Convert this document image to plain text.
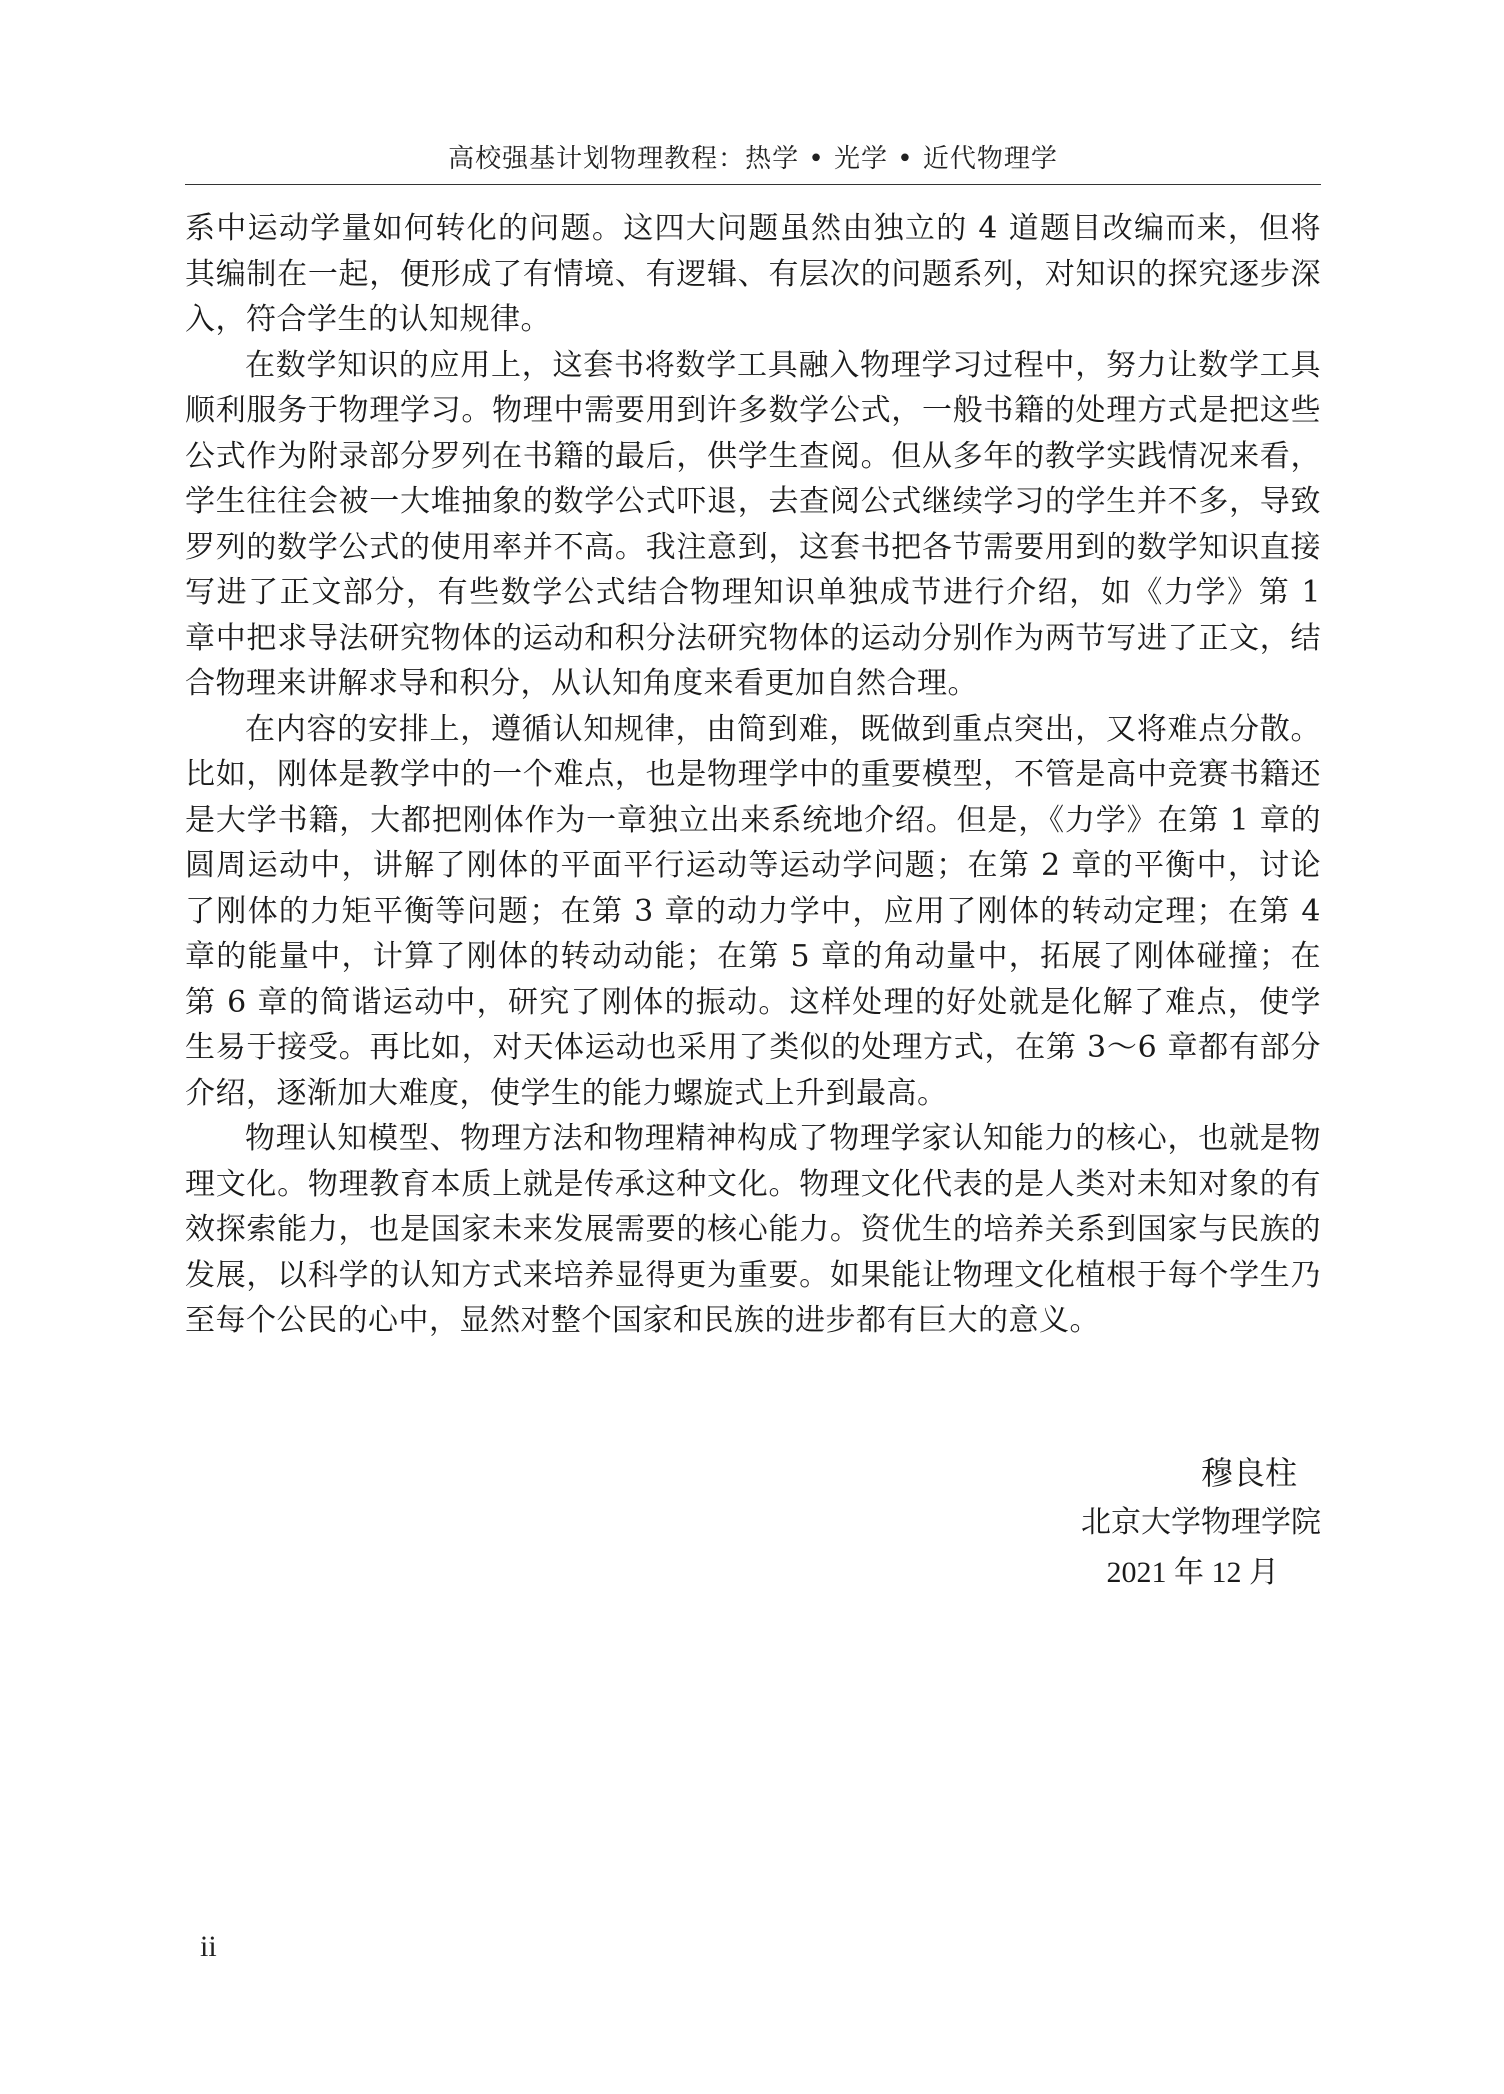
高校强基计划物理教程：热学 • 光学 • 近代物理学

系中运动学量如何转化的问题。这四大问题虽然由独立的 4 道题目改编而来，但将其编制在一起，便形成了有情境、有逻辑、有层次的问题系列，对知识的探究逐步深入，符合学生的认知规律。

在数学知识的应用上，这套书将数学工具融入物理学习过程中，努力让数学工具顺利服务于物理学习。物理中需要用到许多数学公式，一般书籍的处理方式是把这些公式作为附录部分罗列在书籍的最后，供学生查阅。但从多年的教学实践情况来看，学生往往会被一大堆抽象的数学公式吓退，去查阅公式继续学习的学生并不多，导致罗列的数学公式的使用率并不高。我注意到，这套书把各节需要用到的数学知识直接写进了正文部分，有些数学公式结合物理知识单独成节进行介绍，如《力学》第 1 章中把求导法研究物体的运动和积分法研究物体的运动分别作为两节写进了正文，结合物理来讲解求导和积分，从认知角度来看更加自然合理。

在内容的安排上，遵循认知规律，由简到难，既做到重点突出，又将难点分散。比如，刚体是教学中的一个难点，也是物理学中的重要模型，不管是高中竞赛书籍还是大学书籍，大都把刚体作为一章独立出来系统地介绍。但是，《力学》在第 1 章的圆周运动中，讲解了刚体的平面平行运动等运动学问题；在第 2 章的平衡中，讨论了刚体的力矩平衡等问题；在第 3 章的动力学中，应用了刚体的转动定理；在第 4 章的能量中，计算了刚体的转动动能；在第 5 章的角动量中，拓展了刚体碰撞；在第 6 章的简谐运动中，研究了刚体的振动。这样处理的好处就是化解了难点，使学生易于接受。再比如，对天体运动也采用了类似的处理方式，在第 3～6 章都有部分介绍，逐渐加大难度，使学生的能力螺旋式上升到最高。

物理认知模型、物理方法和物理精神构成了物理学家认知能力的核心，也就是物理文化。物理教育本质上就是传承这种文化。物理文化代表的是人类对未知对象的有效探索能力，也是国家未来发展需要的核心能力。资优生的培养关系到国家与民族的发展，以科学的认知方式来培养显得更为重要。如果能让物理文化植根于每个学生乃至每个公民的心中，显然对整个国家和民族的进步都有巨大的意义。

穆良柱
北京大学物理学院
2021 年 12 月
ii
